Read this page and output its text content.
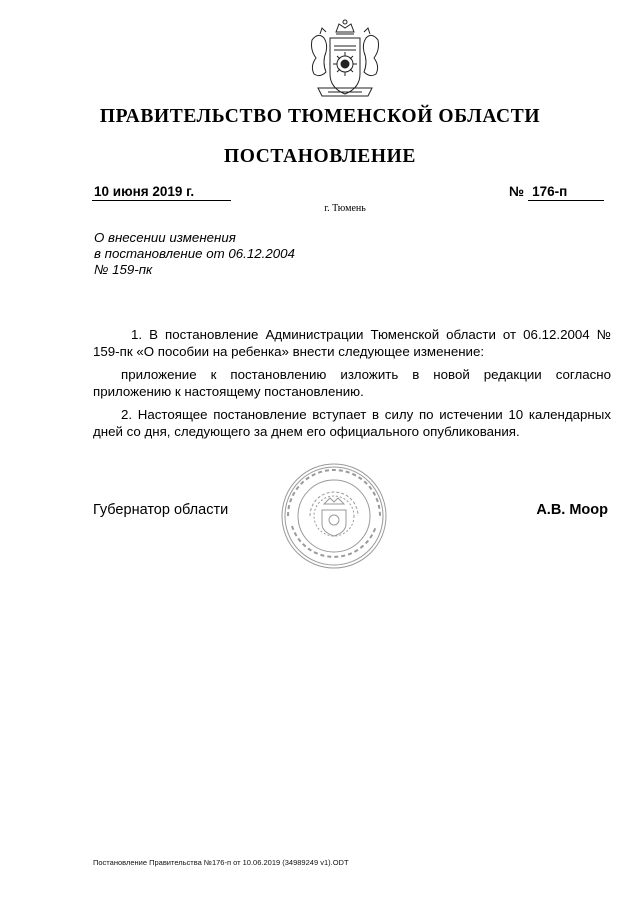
ПРАВИТЕЛЬСТВО ТЮМЕНСКОЙ ОБЛАСТИ
ПОСТАНОВЛЕНИЕ
10 июня 2019 г.	№ 176-п
г. Тюмень
О внесении изменения
в постановление от 06.12.2004
№ 159-пк
1. В постановление Администрации Тюменской области от 06.12.2004 № 159-пк «О пособии на ребенка» внести следующее изменение:
приложение к постановлению изложить в новой редакции согласно приложению к настоящему постановлению.
2. Настоящее постановление вступает в силу по истечении 10 календарных дней со дня, следующего за днем его официального опубликования.
Губернатор области	А.В. Моор
Постановление Правительства №176-п от 10.06.2019 (34989249 v1).ODT
